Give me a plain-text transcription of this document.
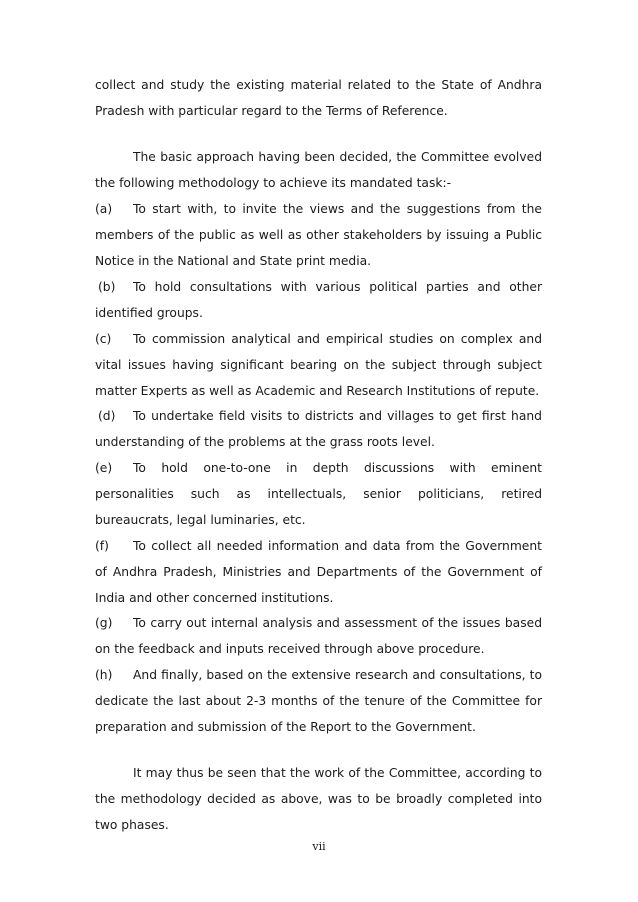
collect and study the existing material related to the State of Andhra Pradesh with particular regard to the Terms of Reference.

The basic approach having been decided, the Committee evolved the following methodology to achieve its mandated task:-

(a) To start with, to invite the views and the suggestions from the members of the public as well as other stakeholders by issuing a Public Notice in the National and State print media.

(b) To hold consultations with various political parties and other identified groups.

(c) To commission analytical and empirical studies on complex and vital issues having significant bearing on the subject through subject matter Experts as well as Academic and Research Institutions of repute.

(d) To undertake field visits to districts and villages to get first hand understanding of the problems at the grass roots level.

(e) To hold one-to-one in depth discussions with eminent personalities such as intellectuals, senior politicians, retired bureaucrats, legal luminaries, etc.

(f) To collect all needed information and data from the Government of Andhra Pradesh, Ministries and Departments of the Government of India and other concerned institutions.

(g) To carry out internal analysis and assessment of the issues based on the feedback and inputs received through above procedure.

(h) And finally, based on the extensive research and consultations, to dedicate the last about 2-3 months of the tenure of the Committee for preparation and submission of the Report to the Government.

It may thus be seen that the work of the Committee, according to the methodology decided as above, was to be broadly completed into two phases.

vii
